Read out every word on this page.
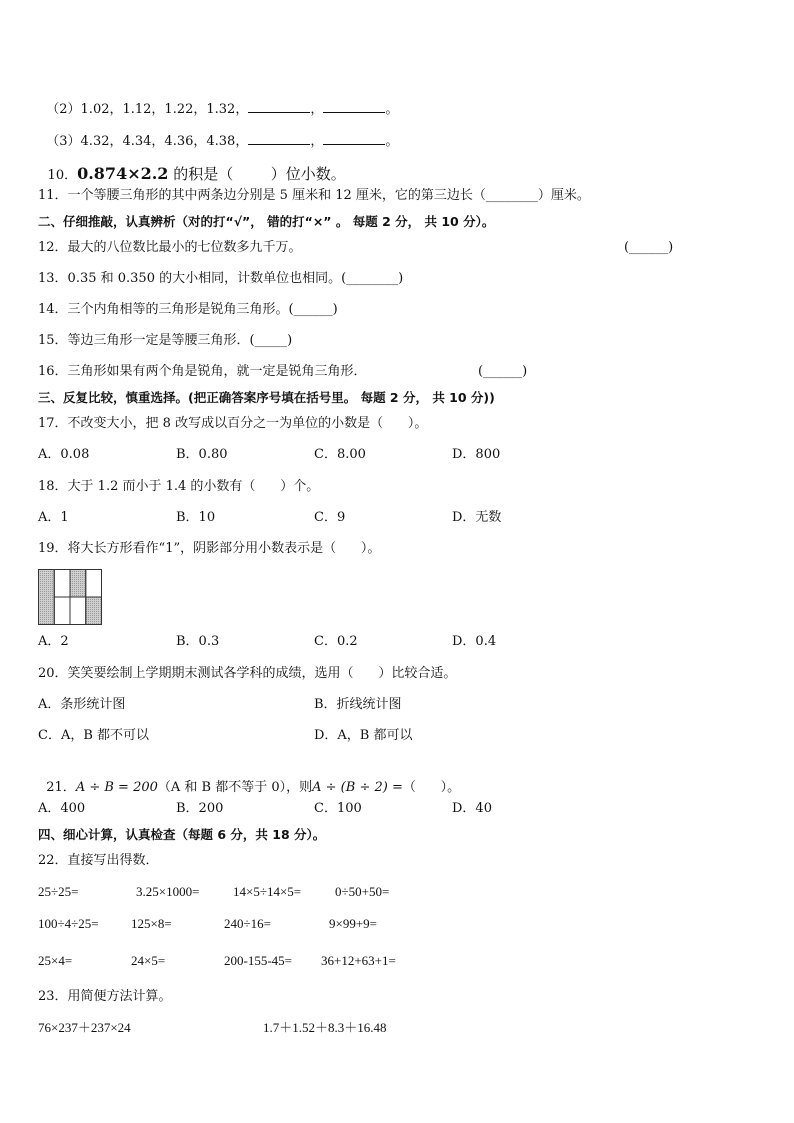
（2）1.02，1.12，1.22，1.32，	，	。

（3）4.32，4.34，4.36，4.38，	，	。

10．0.874×2.2 的积是（_____）位小数。

11．一个等腰三角形的其中两条边分别是 5 厘米和 12 厘米，它的第三边长（________）厘米。
二、仔细推敲，认真辨析（对的打“√”， 错的打“×” 。 每题 2 分， 共 10 分）。
12．最大的八位数比最小的七位数多九千万。	(______)
13．0.35 和 0.350 的大小相同，计数单位也相同。(________)
14．三个内角相等的三角形是锐角三角形。(______)
15．等边三角形一定是等腰三角形．(_____)
16．三角形如果有两个角是锐角，就一定是锐角三角形．	(______)
三、反复比较，慎重选择。(把正确答案序号填在括号里。 每题 2 分， 共 10 分))
17．不改变大小，把 8 改写成以百分之一为单位的小数是（      ）。
A．0.08	B．0.80	C．8.00	D．800
18．大于 1.2 而小于 1.4 的小数有（      ）个。
A．1	B．10	C．9	D．无数
19．将大长方形看作“1”，阴影部分用小数表示是（      ）。
A．2	B．0.3	C．0.2	D．0.4
20．笑笑要绘制上学期期末测试各学科的成绩，选用（      ）比较合适。
A．条形统计图	B．折线统计图
C．A，B 都不可以	D．A，B 都可以

21．A ÷ B = 200（A 和 B 都不等于 0），则A ÷ (B ÷ 2) =（      ）。

A．400	B．200	C．100	D．40
四、细心计算，认真检查（每题 6 分，共 18 分）。
22．直接写出得数．
25÷25=	3.25×1000=	14×5÷14×5=	0÷50+50=
100÷4÷25= 125×8=	240÷16=	9×99+9=
25×4=	24×5=	200-155-45= 36+12+63+1=
23．用简便方法计算。
76×237＋237×24	1.7＋1.52＋8.3＋16.48
